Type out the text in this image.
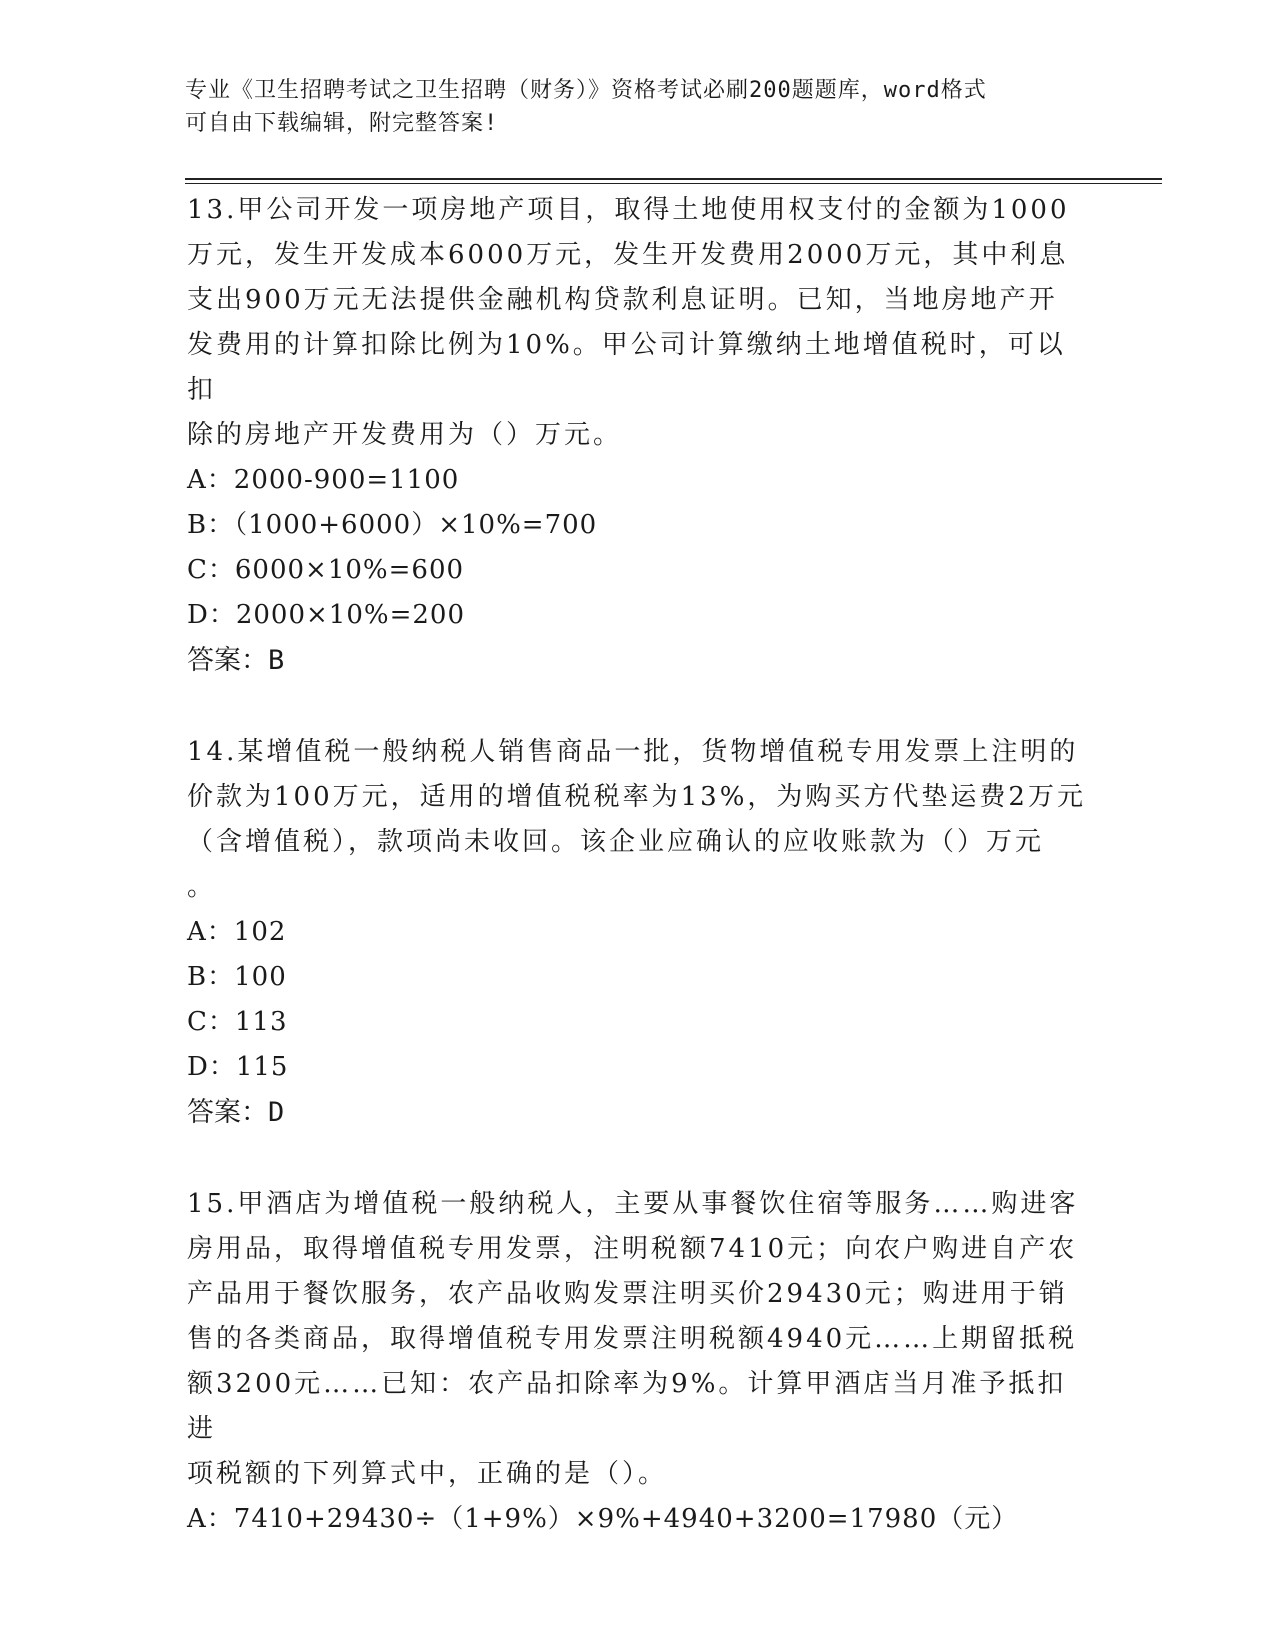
专业《卫生招聘考试之卫生招聘（财务）》资格考试必刷200题题库，word格式
可自由下载编辑，附完整答案!

13.甲公司开发一项房地产项目，取得土地使用权支付的金额为1000

万元，发生开发成本6000万元，发生开发费用2000万元，其中利息

支出900万元无法提供金融机构贷款利息证明。已知，当地房地产开

发费用的计算扣除比例为10%。甲公司计算缴纳土地增值税时，可以扣

除的房地产开发费用为（）万元。

A：2000-900=1100

B：（1000+6000）×10%=700

C：6000×10%=600

D：2000×10%=200

答案：B

14.某增值税一般纳税人销售商品一批，货物增值税专用发票上注明的

价款为100万元，适用的增值税税率为13%，为购买方代垫运费2万元

（含增值税），款项尚未收回。该企业应确认的应收账款为（）万元

。

A：102

B：100

C：113

D：115

答案：D

15.甲酒店为增值税一般纳税人，主要从事餐饮住宿等服务……购进客

房用品，取得增值税专用发票，注明税额7410元；向农户购进自产农

产品用于餐饮服务，农产品收购发票注明买价29430元；购进用于销

售的各类商品，取得增值税专用发票注明税额4940元……上期留抵税

额3200元……已知：农产品扣除率为9%。计算甲酒店当月准予抵扣进

项税额的下列算式中，正确的是（）。

A：7410+29430÷（1+9%）×9%+4940+3200=17980（元）
